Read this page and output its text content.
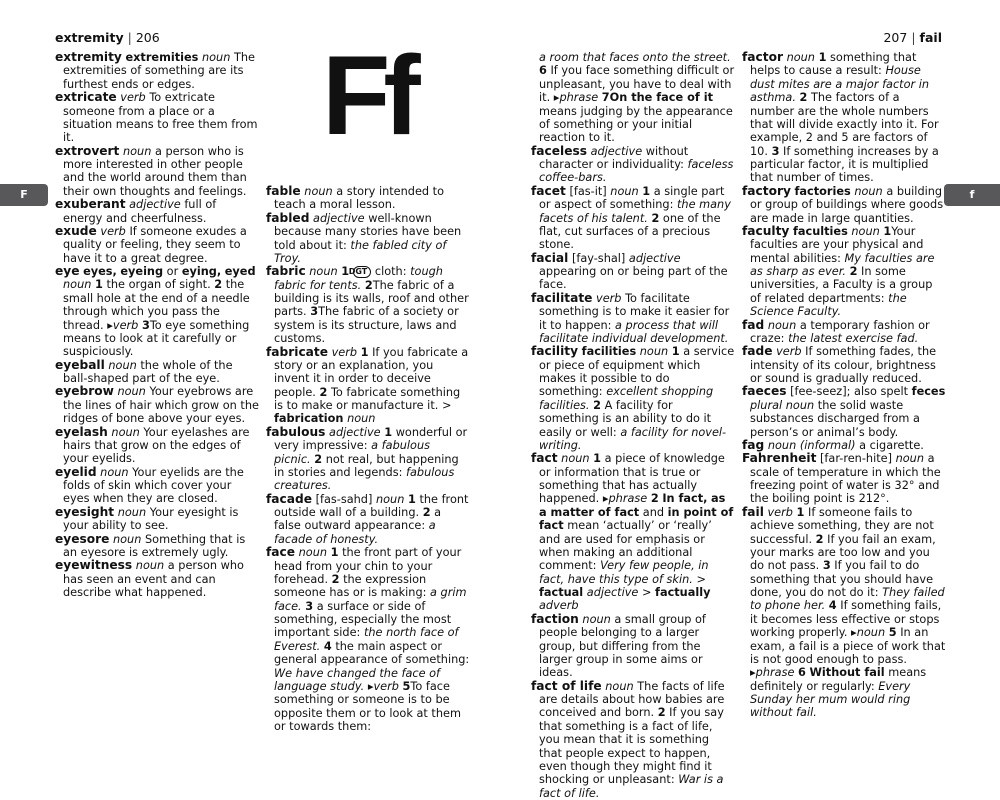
extremity | 206	207 | fail
F	f
Ff

extremity extremities noun The extremities of something are its furthest ends or edges.

extricate verb To extricate someone from a place or a situation means to free them from it.

extrovert noun a person who is more interested in other people and the world around them than their own thoughts and feelings.

exuberant adjective full of energy and cheerfulness.

exude verb If someone exudes a quality or feeling, they seem to have it to a great degree.

eye eyes, eyeing or eying, eyed noun 1 the organ of sight. 2 the small hole at the end of a needle through which you pass the thread. ▸verb 3To eye something means to look at it carefully or suspiciously.

eyeball noun the whole of the ball-shaped part of the eye.

eyebrow noun Your eyebrows are the lines of hair which grow on the ridges of bone above your eyes.

eyelash noun Your eyelashes are hairs that grow on the edges of your eyelids.

eyelid noun Your eyelids are the folds of skin which cover your eyes when they are closed.

eyesight noun Your eyesight is your ability to see.

eyesore noun Something that is an eyesore is extremely ugly.

eyewitness noun a person who has seen an event and can describe what happened.

fable noun a story intended to teach a moral lesson.

fabled adjective well-known because many stories have been told about it: the fabled city of Troy.

fabric noun 1 DGT cloth: tough fabric for tents. 2The fabric of a building is its walls, roof and other parts. 3The fabric of a society or system is its structure, laws and customs.

fabricate verb 1 If you fabricate a story or an explanation, you invent it in order to deceive people. 2 To fabricate something is to make or manufacture it. > fabrication noun

fabulous adjective 1 wonderful or very impressive: a fabulous picnic. 2 not real, but happening in stories and legends: fabulous creatures.

facade [fas-sahd] noun 1 the front outside wall of a building. 2 a false outward appearance: a facade of honesty.

face noun 1 the front part of your head from your chin to your forehead. 2 the expression someone has or is making: a grim face. 3 a surface or side of something, especially the most important side: the north face of Everest. 4 the main aspect or general appearance of something: We have changed the face of language study. ▸verb 5To face something or someone is to be opposite them or to look at them or towards them:

a room that faces onto the street. 6 If you face something difficult or unpleasant, you have to deal with it. ▸phrase 7On the face of it means judging by the appearance of something or your initial reaction to it.

faceless adjective without character or individuality: faceless coffee-bars.

facet [fas-it] noun 1 a single part or aspect of something: the many facets of his talent. 2 one of the flat, cut surfaces of a precious stone.

facial [fay-shal] adjective appearing on or being part of the face.

facilitate verb To facilitate something is to make it easier for it to happen: a process that will facilitate individual development.

facility facilities noun 1 a service or piece of equipment which makes it possible to do something: excellent shopping facilities. 2 A facility for something is an ability to do it easily or well: a facility for novel-writing.

fact noun 1 a piece of knowledge or information that is true or something that has actually happened. ▸phrase 2 In fact, as a matter of fact and in point of fact mean ‘actually’ or ‘really’ and are used for emphasis or when making an additional comment: Very few people, in fact, have this type of skin. > factual adjective > factually adverb

faction noun a small group of people belonging to a larger group, but differing from the larger group in some aims or ideas.

fact of life noun The facts of life are details about how babies are conceived and born. 2 If you say that something is a fact of life, you mean that it is something that people expect to happen, even though they might find it shocking or unpleasant: War is a fact of life.

factor noun 1 something that helps to cause a result: House dust mites are a major factor in asthma. 2 The factors of a number are the whole numbers that will divide exactly into it. For example, 2 and 5 are factors of 10. 3 If something increases by a particular factor, it is multiplied that number of times.

factory factories noun a building or group of buildings where goods are made in large quantities.

faculty faculties noun 1Your faculties are your physical and mental abilities: My faculties are as sharp as ever. 2 In some universities, a Faculty is a group of related departments: the Science Faculty.

fad noun a temporary fashion or craze: the latest exercise fad.

fade verb If something fades, the intensity of its colour, brightness or sound is gradually reduced.

faeces [fee-seez]; also spelt feces plural noun the solid waste substances discharged from a person’s or animal’s body.

fag noun (informal) a cigarette.

Fahrenheit [far-ren-hite] noun a scale of temperature in which the freezing point of water is 32° and the boiling point is 212°.

fail verb 1 If someone fails to achieve something, they are not successful. 2 If you fail an exam, your marks are too low and you do not pass. 3 If you fail to do something that you should have done, you do not do it: They failed to phone her. 4 If something fails, it becomes less effective or stops working properly. ▸noun 5 In an exam, a fail is a piece of work that is not good enough to pass. ▸phrase 6 Without fail means definitely or regularly: Every Sunday her mum would ring without fail.
